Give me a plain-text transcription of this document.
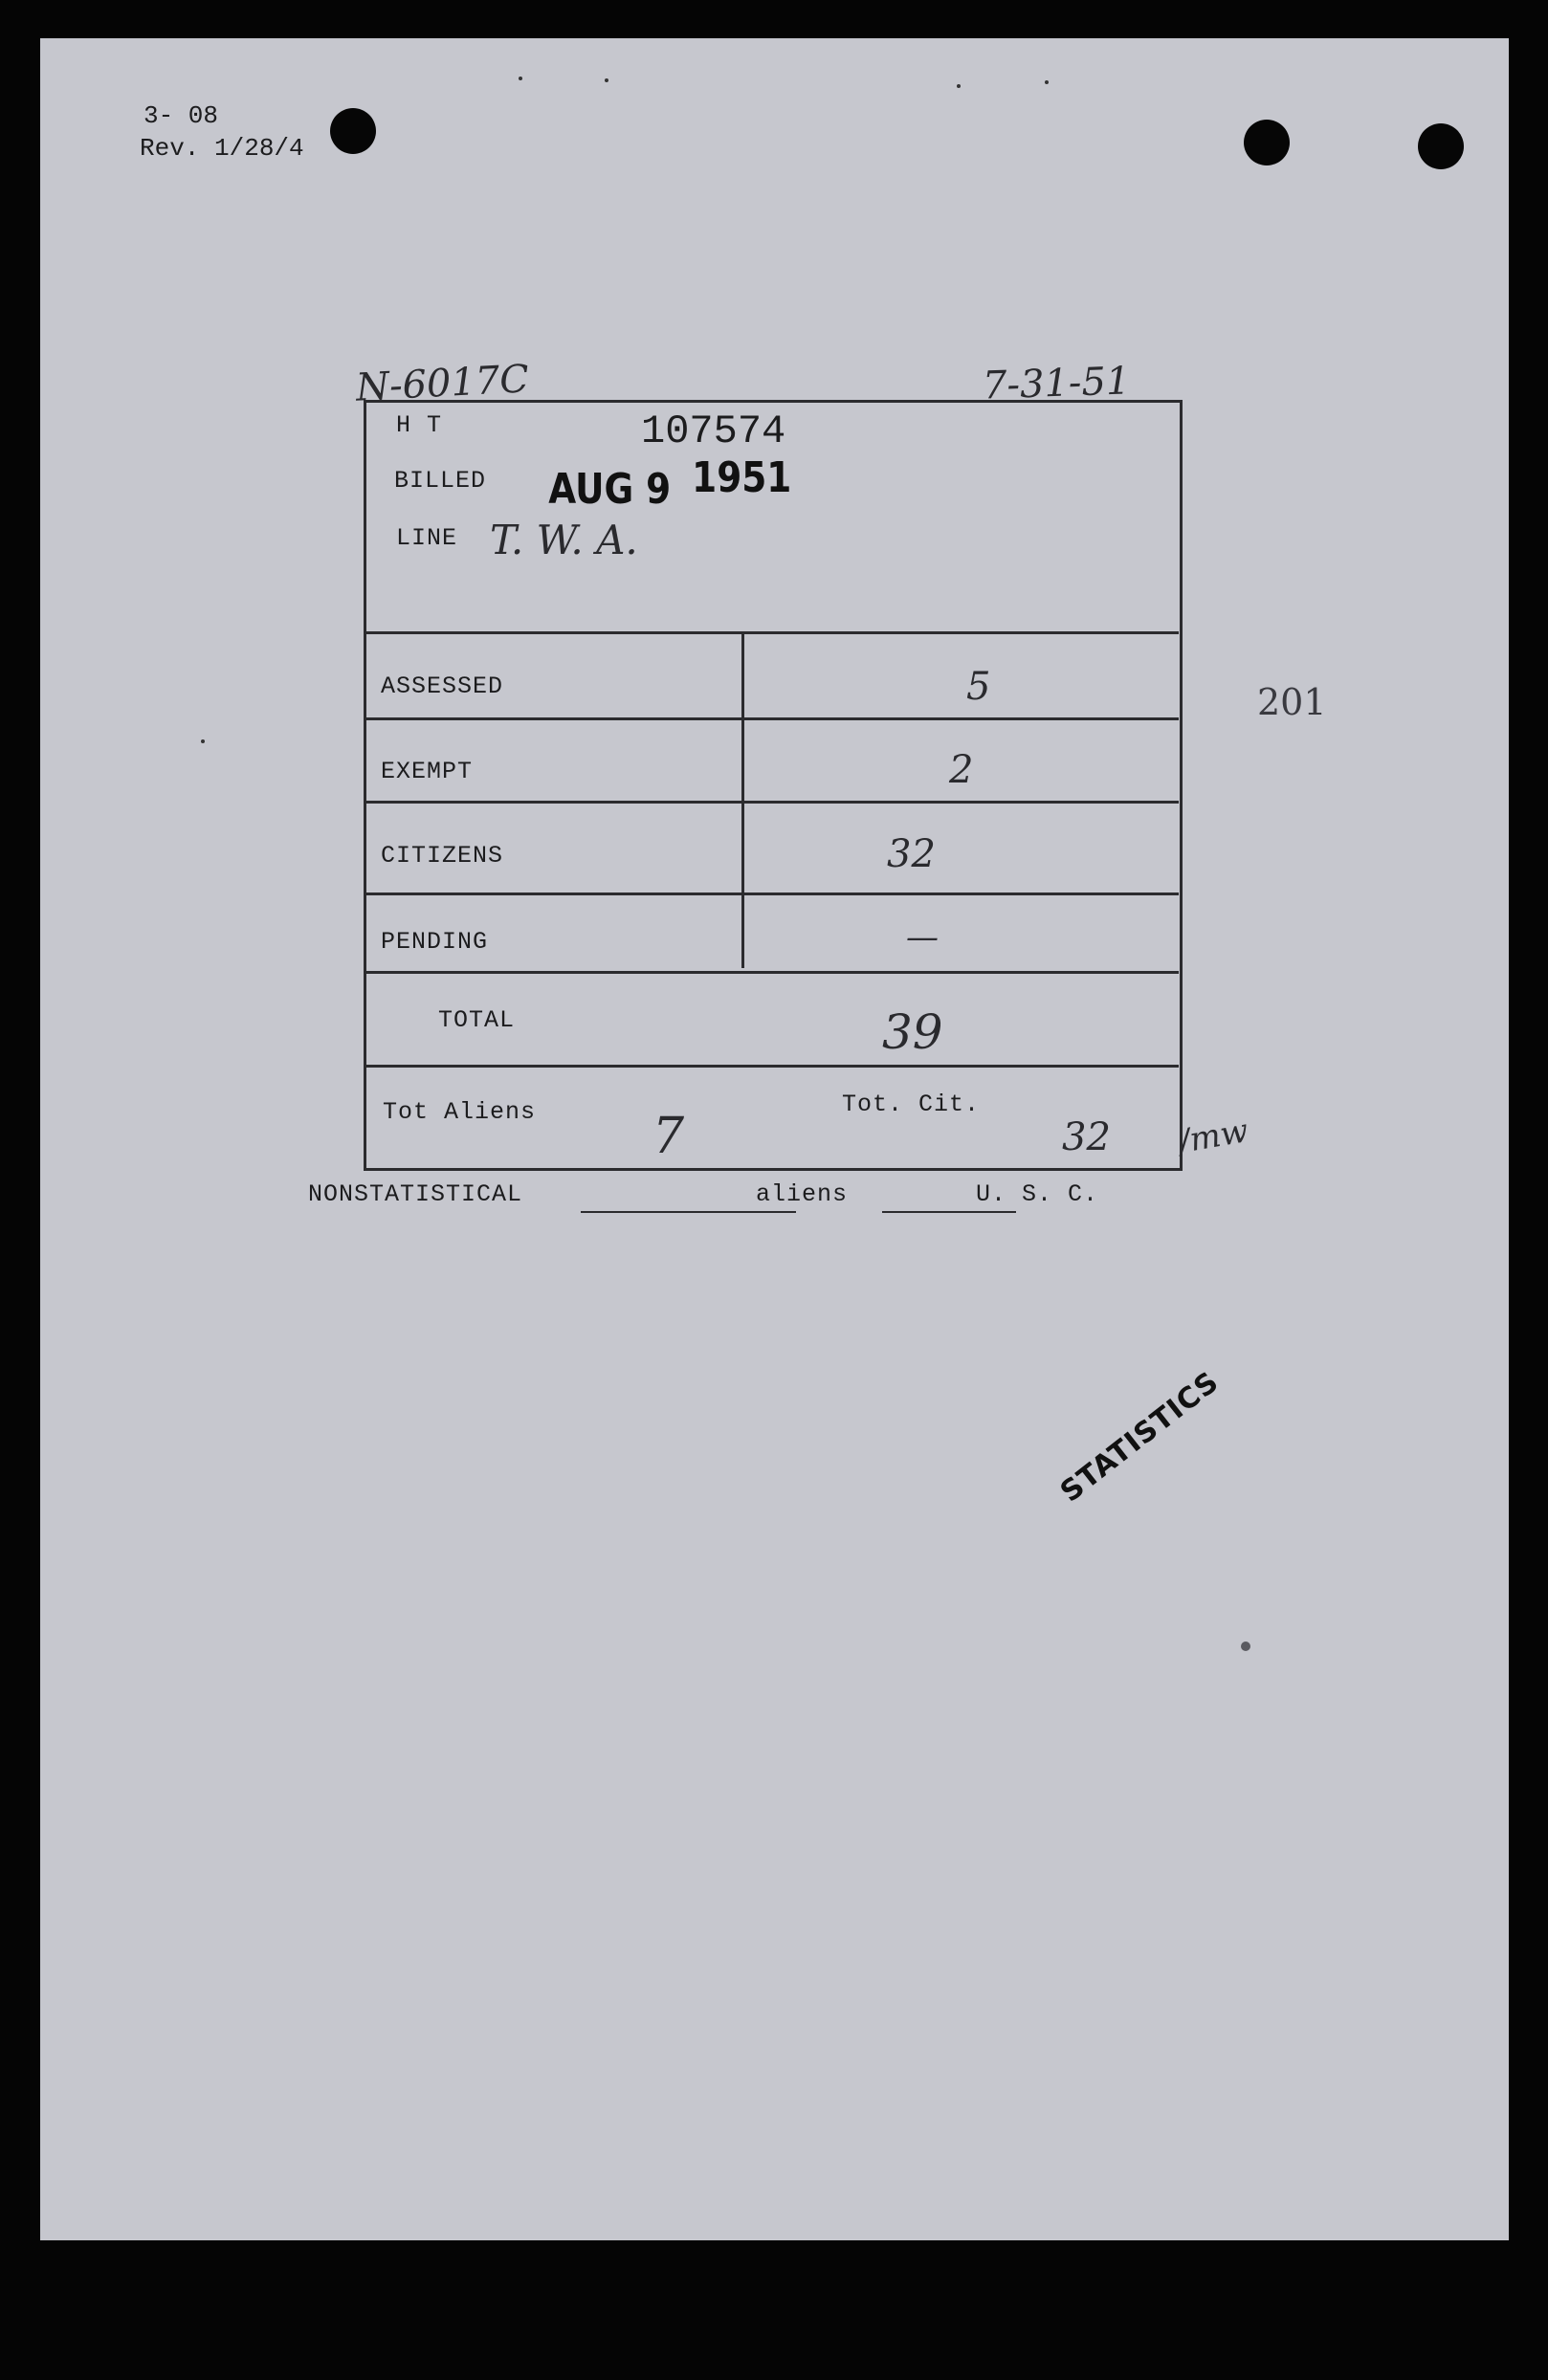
3- 08
Rev. 1/28/4
N-6017C	7-31-51
H T	107574
BILLED AUG 9 1951
LINE T. W. A.
ASSESSED	5
EXEMPT	2
CITIZENS	32
PENDING	—
TOTAL	39
Tot Aliens 7
Tot. Cit.
32 /mw
201
NONSTATISTICAL	aliens	U. S. C.
STATISTICS
